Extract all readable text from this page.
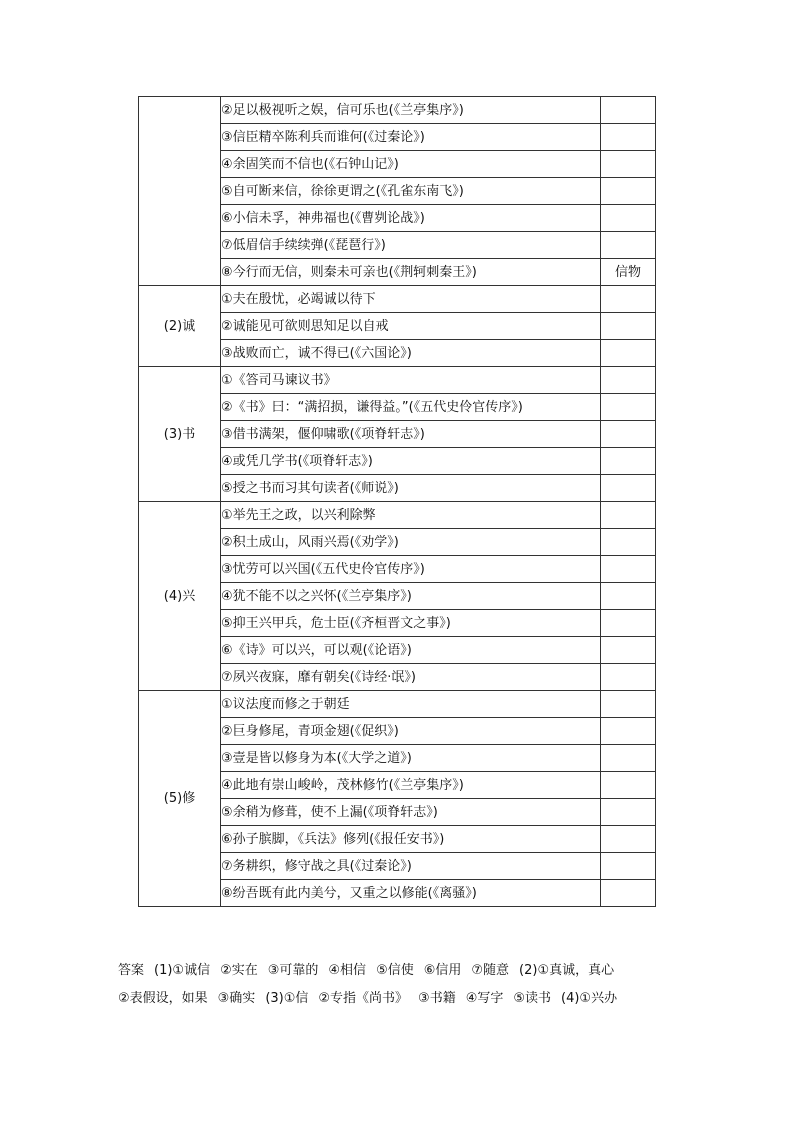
	②足以极视听之娱，信可乐也(《兰亭集序》)	
	③信臣精卒陈利兵而谁何(《过秦论》)	
	④余固笑而不信也(《石钟山记》)	
	⑤自可断来信，徐徐更谓之(《孔雀东南飞》)	
	⑥小信未孚，神弗福也(《曹刿论战》)	
	⑦低眉信手续续弹(《琵琶行》)	
	⑧今行而无信，则秦未可亲也(《荆轲刺秦王》)	信物
(2)诚	①夫在殷忧，必竭诚以待下	
	②诚能见可欲则思知足以自戒	
	③战败而亡，诚不得已(《六国论》)	
(3)书	①《答司马谏议书》	
	②《书》曰：“满招损，谦得益。”(《五代史伶官传序》)	
	③借书满架，偃仰啸歌(《项脊轩志》)	
	④或凭几学书(《项脊轩志》)	
	⑤授之书而习其句读者(《师说》)	
(4)兴	①举先王之政，以兴利除弊	
	②积土成山，风雨兴焉(《劝学》)	
	③忧劳可以兴国(《五代史伶官传序》)	
	④犹不能不以之兴怀(《兰亭集序》)	
	⑤抑王兴甲兵，危士臣(《齐桓晋文之事》)	
	⑥《诗》可以兴，可以观(《论语》)	
	⑦夙兴夜寐，靡有朝矣(《诗经·氓》)	
(5)修	①议法度而修之于朝廷	
	②巨身修尾，青项金翅(《促织》)	
	③壹是皆以修身为本(《大学之道》)	
	④此地有崇山峻岭，茂林修竹(《兰亭集序》)	
	⑤余稍为修葺，使不上漏(《项脊轩志》)	
	⑥孙子膑脚，《兵法》修列(《报任安书》)	
	⑦务耕织，修守战之具(《过秦论》)	
	⑧纷吾既有此内美兮，又重之以修能(《离骚》)	

答案 (1)①诚信 ②实在 ③可靠的 ④相信 ⑤信使 ⑥信用 ⑦随意 (2)①真诚，真心

②表假设，如果 ③确实 (3)①信 ②专指《尚书》 ③书籍 ④写字 ⑤读书 (4)①兴办
